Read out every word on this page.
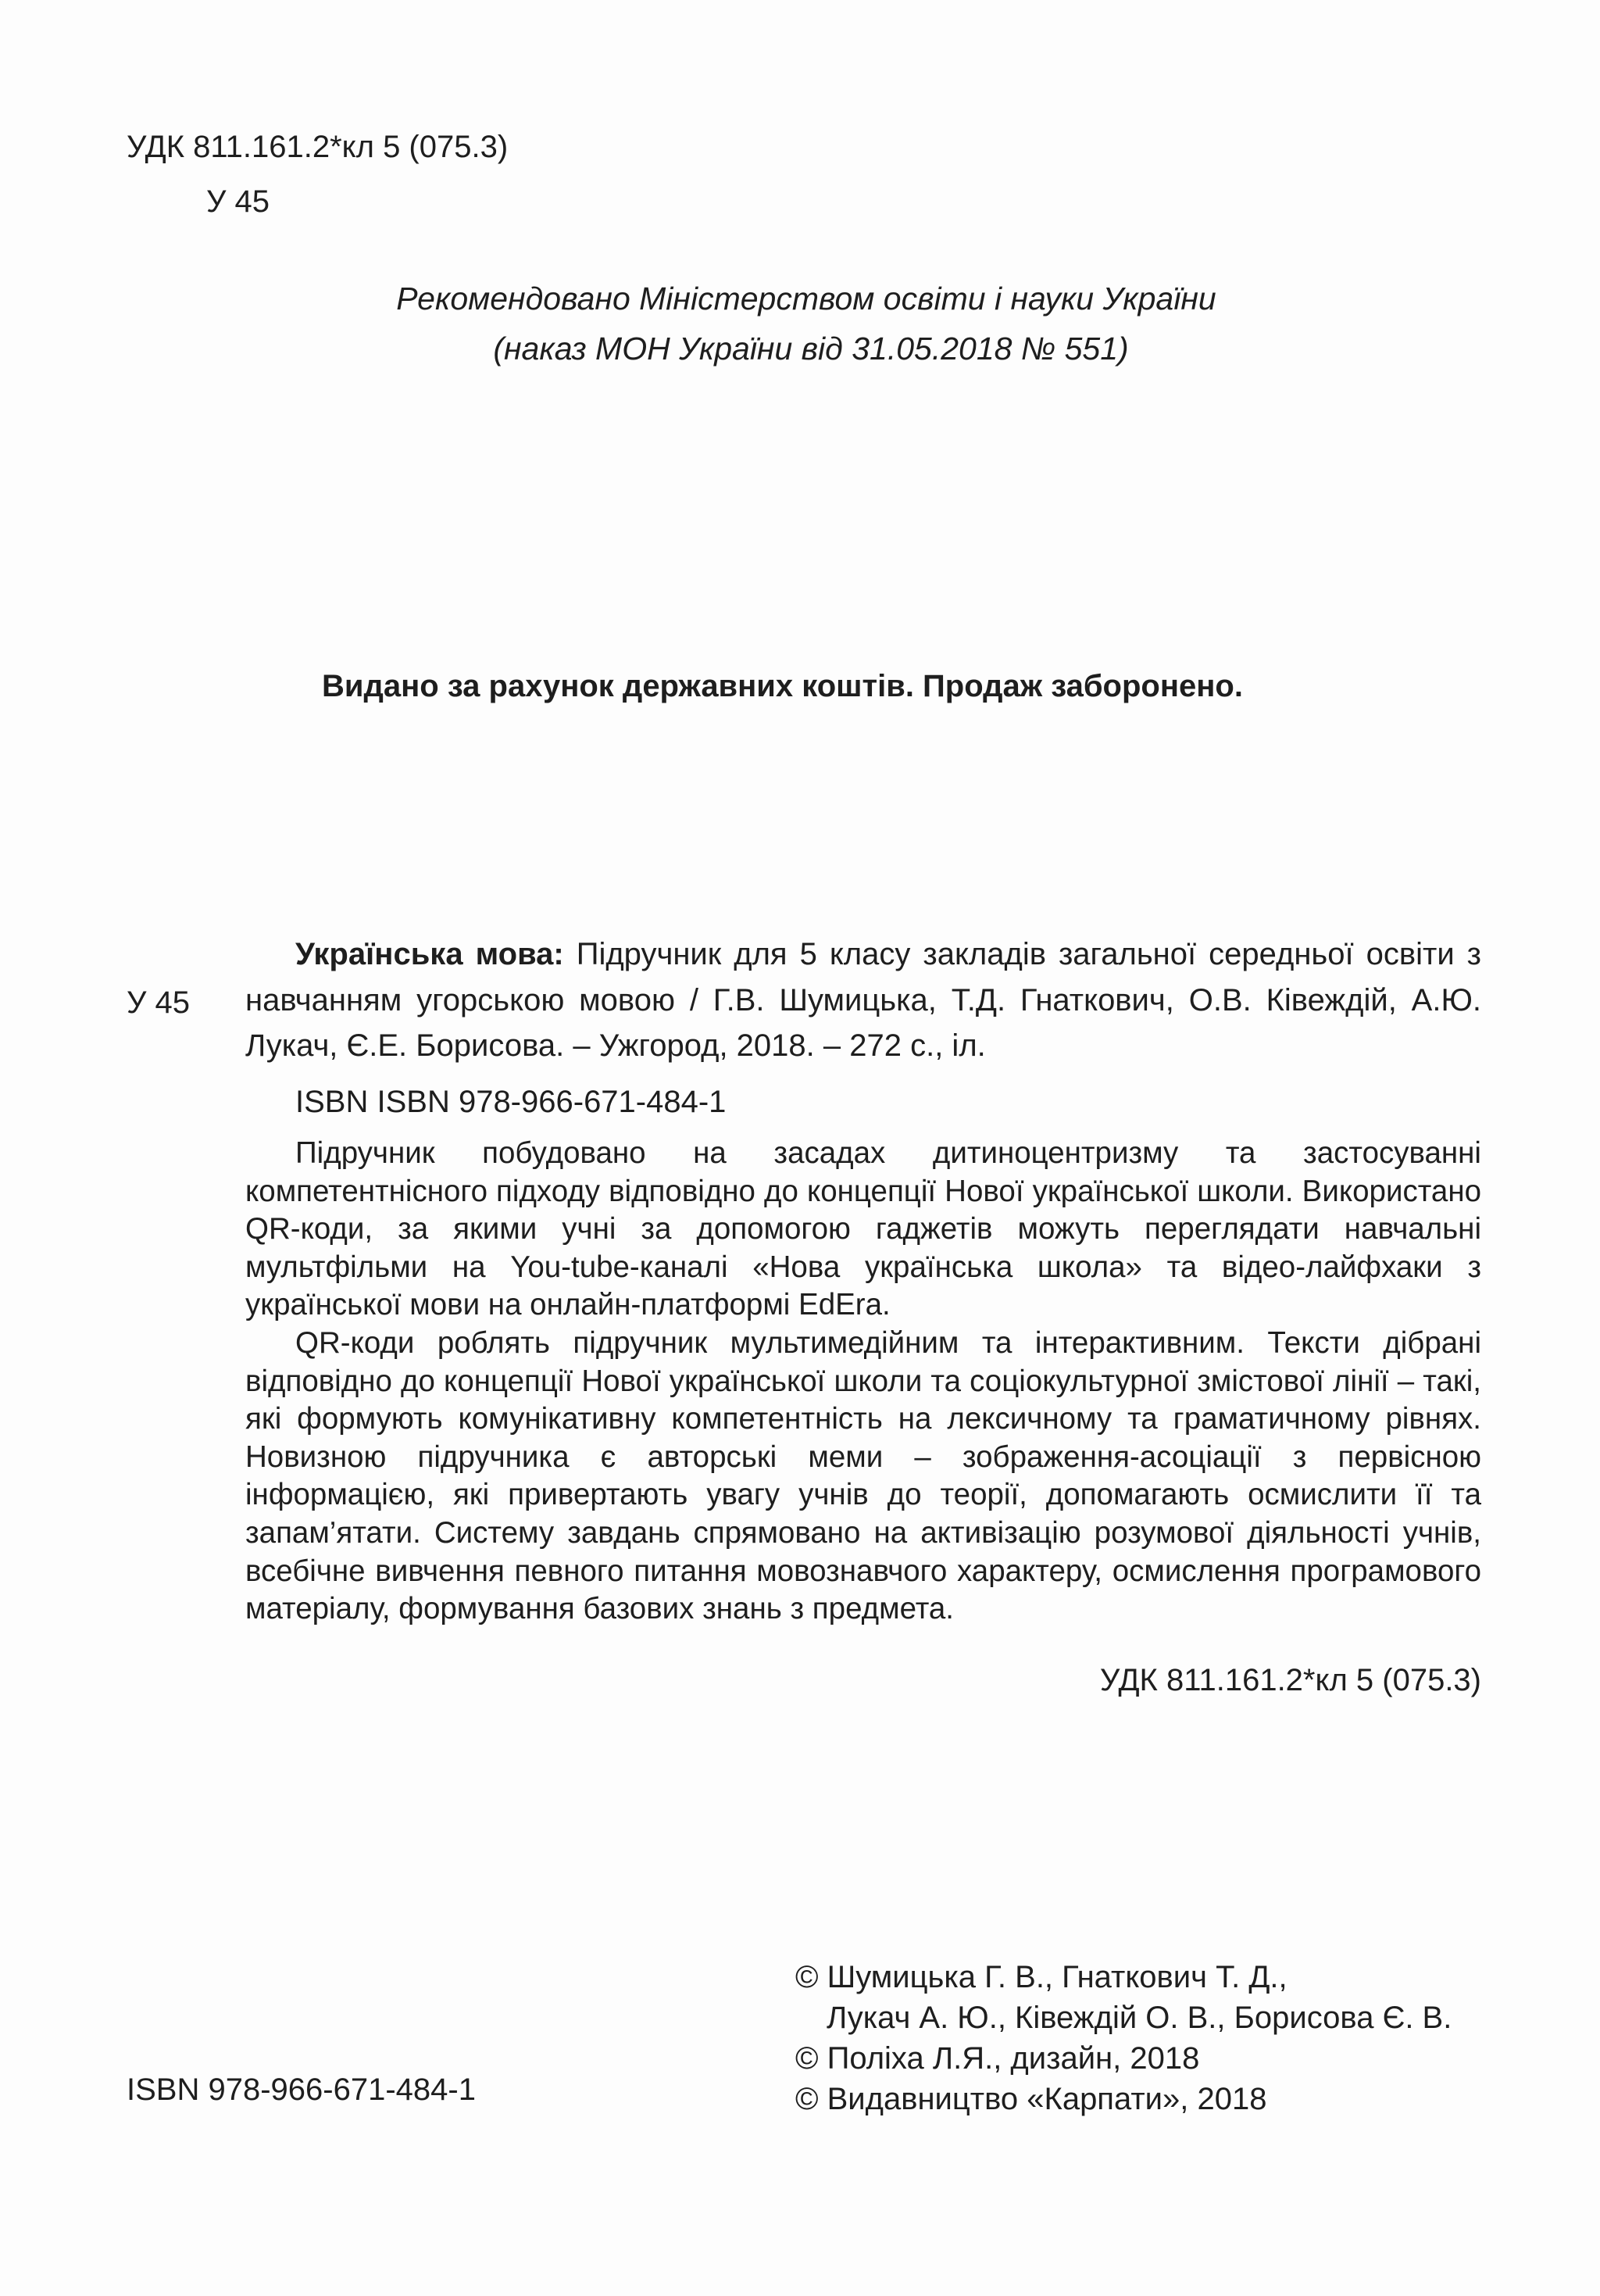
УДК 811.161.2*кл 5 (075.3)
У 45
Рекомендовано Міністерством освіти і науки України
(наказ МОН України від 31.05.2018 № 551)
Видано за рахунок державних коштів. Продаж заборонено.
У 45

Українська мова: Підручник для 5 класу закладів загальної середньої освіти з навчанням угорською мовою / Г.В. Шумицька, Т.Д. Гнаткович, О.В. Ківеждій, А.Ю. Лукач, Є.Е. Борисова. – Ужгород, 2018. – 272 с., іл.

ISBN ISBN 978-966-671-484-1

Підручник побудовано на засадах дитиноцентризму та застосуванні компетентнісного підходу відповідно до концепції Нової української школи. Використано QR-коди, за якими учні за допомогою гаджетів можуть переглядати навчальні мультфільми на You-tube-каналі «Нова українська школа» та відео-лайфхаки з української мови на онлайн-платформі EdEra.

QR-коди роблять підручник мультимедійним та інтерактивним. Тексти дібрані відповідно до концепції Нової української школи та соціокультурної змістової лінії – такі, які формують комунікативну компетентність на лексичному та граматичному рівнях. Новизною підручника є авторські меми – зображення-асоціації з первісною інформацією, які привертають увагу учнів до теорії, допомагають осмислити її та запам’ятати. Систему завдань спрямовано на активізацію розумової діяльності учнів, всебічне вивчення певного питання мовознавчого характеру, осмислення програмового матеріалу, формування базових знань з предмета.

УДК 811.161.2*кл 5 (075.3)
© Шумицька Г. В., Гнаткович Т. Д.,
Лукач А. Ю., Ківеждій О. В., Борисова Є. В.
© Поліха Л.Я., дизайн, 2018
© Видавництво «Карпати», 2018
ISBN 978-966-671-484-1
